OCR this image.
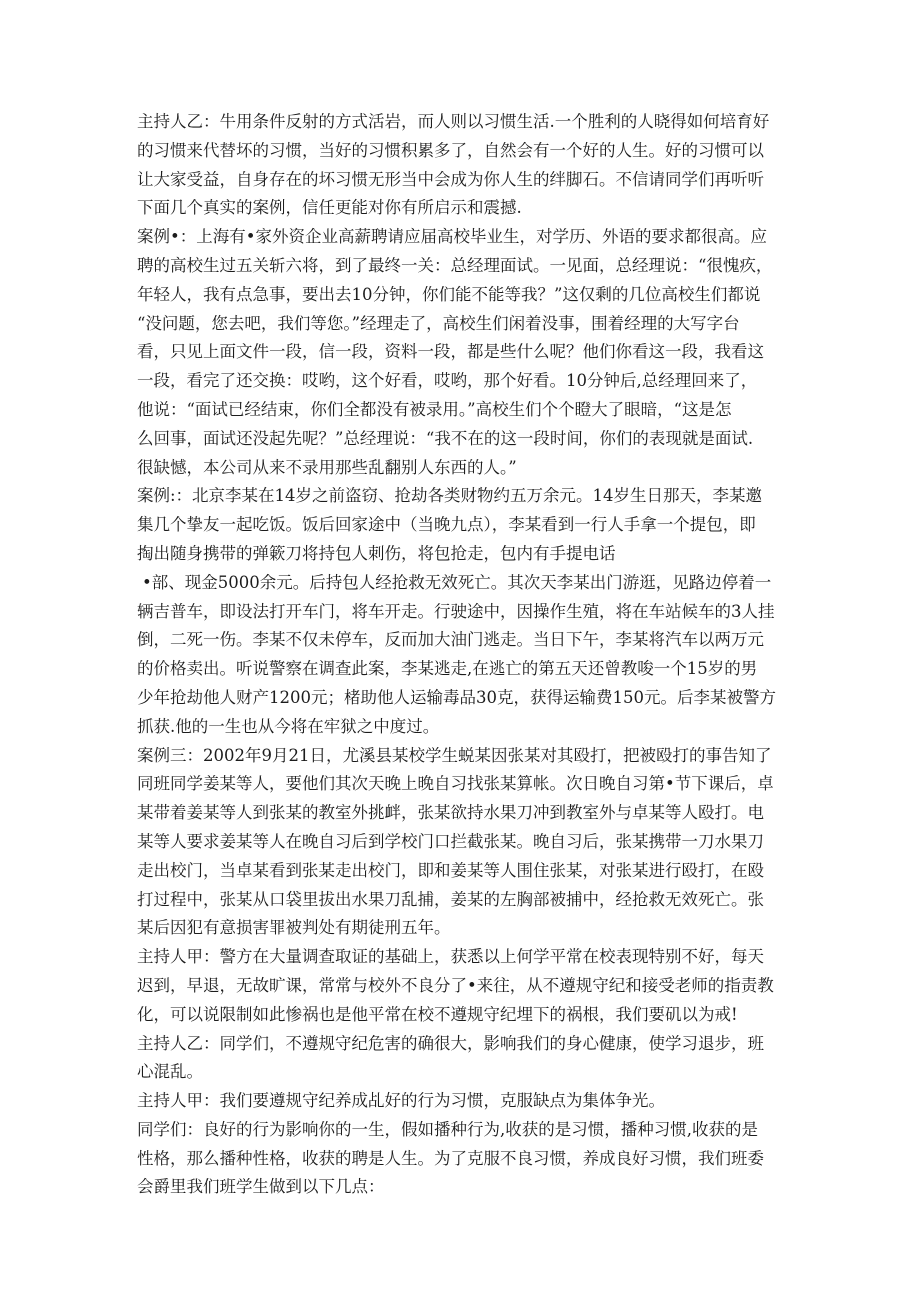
主持人乙：牛用条件反射的方式活岩，而人则以习惯生活.一个胜利的人晓得如何培育好
的习惯来代替坏的习惯，当好的习惯积累多了，自然会有一个好的人生。好的习惯可以
让大家受益，自身存在的坏习惯无形当中会成为你人生的绊脚石。不信请同学们再听听
下面几个真实的案例，信任更能对你有所启示和震撼.
案例•：上海有•家外资企业高薪聘请应届高校毕业生，对学历、外语的要求都很高。应
聘的高校生过五关斩六将，到了最终一关：总经理面试。一见面，总经理说：“很愧疚，
年轻人，我有点急事，要出去10分钟，你们能不能等我？”这仅剩的几位高校生们都说
“没问题，您去吧，我们等您。”经理走了，高校生们闲着没事，围着经理的大写字台
看，只见上面文件一段，信一段，资料一段，都是些什么呢？他们你看这一段，我看这
一段，看完了还交换：哎哟，这个好看，哎哟，那个好看。10分钟后,总经理回来了，
他说：“面试已经结束，你们全都没有被录用。”高校生们个个瞪大了眼暗，“这是怎
么回事，面试还没起先呢？”总经理说：“我不在的这一段时间，你们的表现就是面试.
很缺憾，本公司从来不录用那些乱翻别人东西的人。”
案例:：北京李某在14岁之前盗窃、抢劫各类财物约五万余元。14岁生日那天，李某邀
集几个挚友一起吃饭。饭后回家途中（当晚九点），李某看到一行人手拿一个提包，即
掏出随身携带的弹簌刀将持包人刺伤，将包抢走，包内有手提电话
•部、现金5000余元。后持包人经抢救无效死亡。其次天李某出门游逛，见路边停着一
辆吉普车，即设法打开车门，将车开走。行驶途中，因操作生殖，将在车站候车的3人挂
倒，二死一伤。李某不仅未停车，反而加大油门逃走。当日下午，李某将汽车以两万元
的价格卖出。听说警察在调查此案，李某逃走,在逃亡的第五天还曾教唆一个15岁的男
少年抢劫他人财产1200元；楮助他人运输毒品30克，获得运输费150元。后李某被警方
抓获.他的一生也从今将在牢狱之中度过。
案例三：2002年9月21日，尤溪县某校学生蜕某因张某对其殴打，把被殴打的事告知了
同班同学姜某等人，要他们其次天晚上晚自习找张某算帐。次日晚自习第•节下课后，卓
某带着姜某等人到张某的教室外挑衅，张某欲持水果刀冲到教室外与卓某等人殴打。电
某等人要求姜某等人在晚自习后到学校门口拦截张某。晚自习后，张某携带一刀水果刀
走出校门，当卓某看到张某走出校门，即和姜某等人围住张某，对张某进行殴打，在殴
打过程中，张某从口袋里拔出水果刀乱捕，姜某的左胸部被捕中，经抢救无效死亡。张
某后因犯有意损害罪被判处有期徒刑五年。
主持人甲：警方在大量调查取证的基础上，获悉以上何学平常在校表现特别不好，每天
迟到，早退，无故旷课，常常与校外不良分了•来往，从不遵规守纪和接受老师的指责教
化，可以说限制如此惨祸也是他平常在校不遵规守纪埋下的祸根，我们要矶以为戒!
主持人乙：同学们，不遵规守纪危害的确很大，影响我们的身心健康，使学习退步，班
心混乱。
主持人甲：我们要遵规守纪养成乩好的行为习惯，克服缺点为集体争光。
同学们：良好的行为影响你的一生，假如播种行为,收获的是习惯，播种习惯,收获的是
性格，那么播种性格，收获的聘是人生。为了克服不良习惯，养成良好习惯，我们班委
会爵里我们班学生做到以下几点：
